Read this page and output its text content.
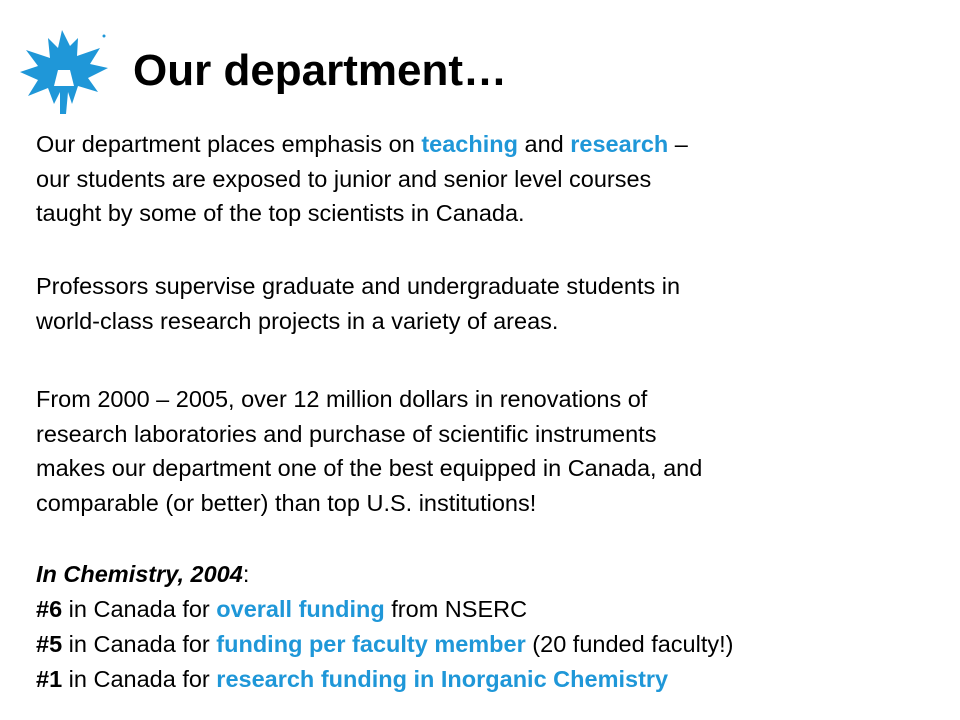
Our department…
Our department places emphasis on teaching and research –
our students are exposed to junior and senior level courses
taught by some of the top scientists in Canada.
Professors supervise graduate and undergraduate students in
world-class research projects in a variety of areas.
From 2000 – 2005, over 12 million dollars in renovations of
research laboratories and purchase of scientific instruments
makes our department one of the best equipped in Canada, and
comparable (or better) than top U.S. institutions!
In Chemistry, 2004:
#6 in Canada for overall funding from NSERC
#5 in Canada for funding per faculty member (20 funded faculty!)
#1 in Canada for research funding in Inorganic Chemistry
